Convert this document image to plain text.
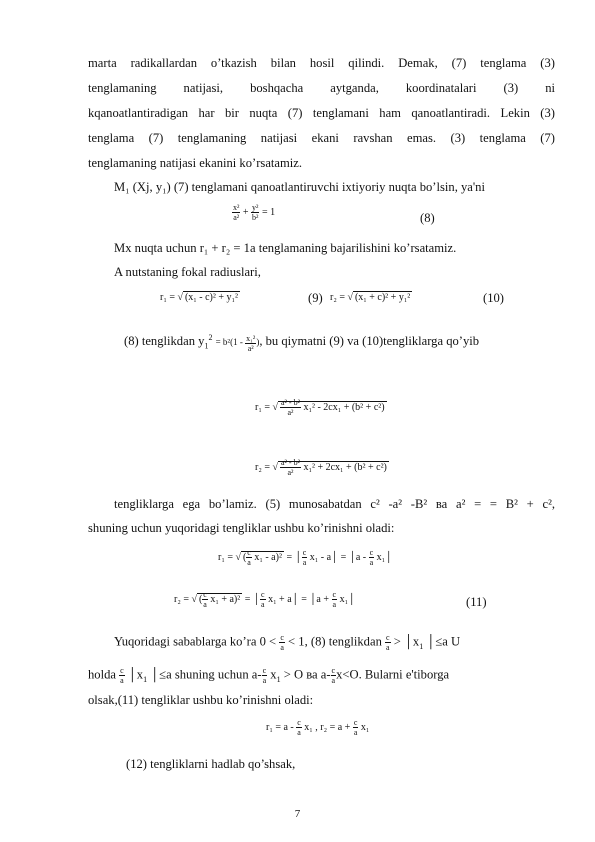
marta radikallardan o’tkazish bilan hosil qilindi. Demak, (7) tenglama (3)
tenglamaning natijasi, boshqacha aytganda, koordinatalari (3) ni
kqanoatlantiradigan har bir nuqta (7) tenglamani ham qanoatlantiradi. Lekin (3)
tenglama (7) tenglamaning natijasi ekani ravshan emas. (3) tenglama (7)
tenglamaning natijasi ekanini ko’rsatamiz.
M₁ (Xj, y₁) (7) tenglamani qanoatlantiruvchi ixtiyoriy nuqta bo’lsin, ya'ni
$\frac{\text{x²}}{\text{a²}} + \frac{\text{y²}}{\text{b²}} = 1$	(8)
Mx nuqta uchun r₁ + r₂ = 1a tenglamaning bajarilishini ko’rsatamiz.
A nutstaning fokal radiuslari,
r₁ = √ (x₁ - c)² + y₁²	(9) r₂ = √ (x₁ + c)² + y₁²	(10)
(8) tenglikdan $y_1^2 = b^2(1 - \frac{\text{x₁²}}{\text{a²}}$ ), bu qiymatni (9) va (10)tengliklarga qo’yib
r₁ = √ $\frac{\text{a² - b²}}{\text{a²}} x_1^2 - 2cx_1 + (b^2 + c^2)$
r₂ = √ $\frac{\text{a² - b²}}{\text{a²}} x_1^2 + 2cx_1 + (b^2 + c^2)$
tengliklarga ega bo’lamiz. (5) munosabatdan c² -a² -B² ва a² = = B² + c²,
shuning uchun yuqoridagi tengliklar ushbu ko’rinishni oladi:
r₁ = √ ( $\frac{c}{a} x_1 - a)^2$ = │ $\frac{c}{a} x_1$ - a│ = │a - $\frac{c}{a}$ x₁│
r₂ = √ ( $\frac{c}{a} x_1 + a)^2$ = │ $\frac{c}{a} x_1$ + a│ = │a + $\frac{c}{a}$ x₁│	(11)
Yuqoridagi sabablarga ko’ra $0 < \frac{c}{a} < 1$, (8) tenglikdan $\frac{c}{a}$ > $│x_1$ │≤a U
holda $\frac{c}{a}$ $│x_1$ │≤a shuning uchun $a- \frac{c}{a} x_1 > O$ ва $a- \frac{c}{a} x<O$. Bularni e'tiborga
olsak,(11) tengliklar ushbu ko’rinishni oladi:
$r_1 = a - \frac{c}{a} x_1$ , $r_2 = a + \frac{c}{a} x_1$
(12) tengliklarni hadlab qo’shsak,
7
